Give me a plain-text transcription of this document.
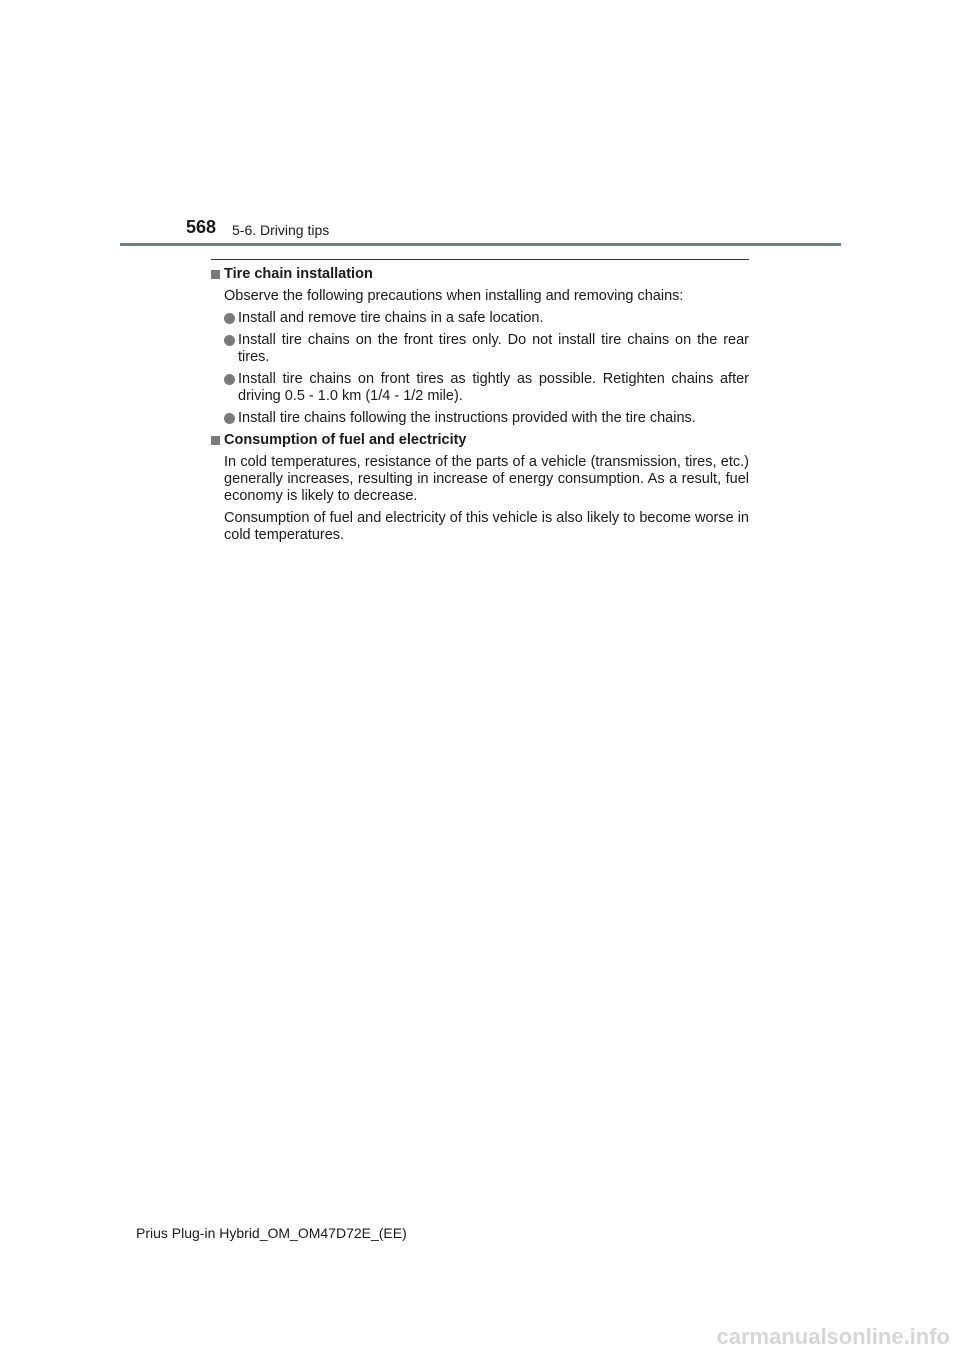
568 5-6. Driving tips
Tire chain installation

Observe the following precautions when installing and removing chains:

Install and remove tire chains in a safe location.
Install tire chains on the front tires only. Do not install tire chains on the rear tires.
Install tire chains on front tires as tightly as possible. Retighten chains after driving 0.5 - 1.0 km (1/4 - 1/2 mile).
Install tire chains following the instructions provided with the tire chains.
Consumption of fuel and electricity

In cold temperatures, resistance of the parts of a vehicle (transmission, tires, etc.) generally increases, resulting in increase of energy consumption. As a result, fuel economy is likely to decrease.

Consumption of fuel and electricity of this vehicle is also likely to become worse in cold temperatures.

Prius Plug-in Hybrid_OM_OM47D72E_(EE)
carmanualsonline.info
